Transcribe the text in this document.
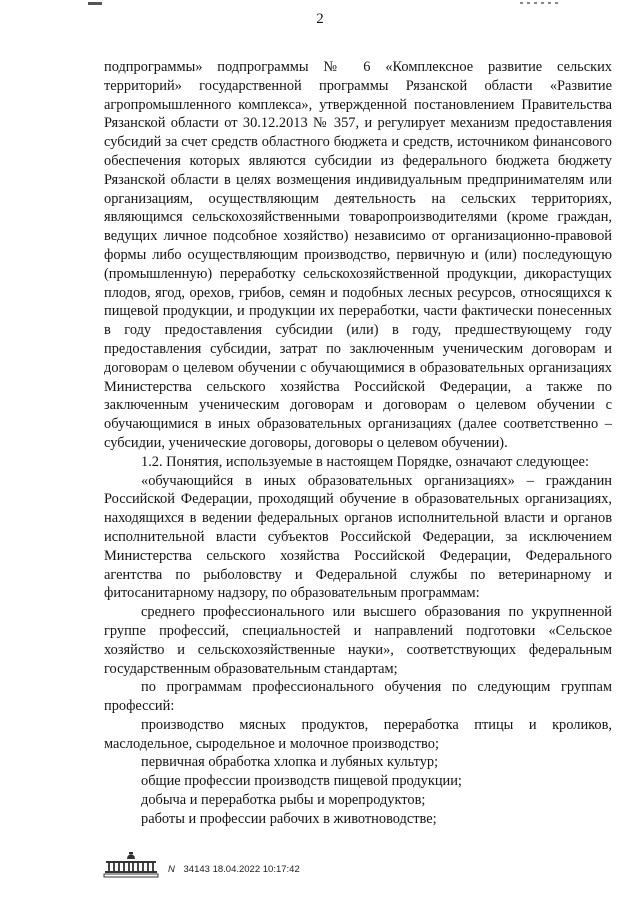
2

подпрограммы» подпрограммы № 6 «Комплексное развитие сельских территорий» государственной программы Рязанской области «Развитие агропромышленного комплекса», утвержденной постановлением Правительства Рязанской области от 30.12.2013 № 357, и регулирует механизм предоставления субсидий за счет средств областного бюджета и средств, источником финансового обеспечения которых являются субсидии из федерального бюджета бюджету Рязанской области в целях возмещения индивидуальным предпринимателям или организациям, осуществляющим деятельность на сельских территориях, являющимся сельскохозяйственными товаропроизводителями (кроме граждан, ведущих личное подсобное хозяйство) независимо от организационно-правовой формы либо осуществляющим производство, первичную и (или) последующую (промышленную) переработку сельскохозяйственной продукции, дикорастущих плодов, ягод, орехов, грибов, семян и подобных лесных ресурсов, относящихся к пищевой продукции, и продукции их переработки, части фактически понесенных в году предоставления субсидии (или) в году, предшествующему году предоставления субсидии, затрат по заключенным ученическим договорам и договорам о целевом обучении с обучающимися в образовательных организациях Министерства сельского хозяйства Российской Федерации, а также по заключенным ученическим договорам и договорам о целевом обучении с обучающимися в иных образовательных организациях (далее соответственно – субсидии, ученические договоры, договоры о целевом обучении).

1.2. Понятия, используемые в настоящем Порядке, означают следующее:

«обучающийся в иных образовательных организациях» – гражданин Российской Федерации, проходящий обучение в образовательных организациях, находящихся в ведении федеральных органов исполнительной власти и органов исполнительной власти субъектов Российской Федерации, за исключением Министерства сельского хозяйства Российской Федерации, Федерального агентства по рыболовству и Федеральной службы по ветеринарному и фитосанитарному надзору, по образовательным программам:

среднего профессионального или высшего образования по укрупненной группе профессий, специальностей и направлений подготовки «Сельское хозяйство и сельскохозяйственные науки», соответствующих федеральным государственным образовательным стандартам;

по программам профессионального обучения по следующим группам профессий:

производство мясных продуктов, переработка птицы и кроликов, маслодельное, сыродельное и молочное производство;

первичная обработка хлопка и лубяных культур;

общие профессии производств пищевой продукции;

добыча и переработка рыбы и морепродуктов;

работы и профессии рабочих в животноводстве;

N 34143 18.04.2022 10:17:42
